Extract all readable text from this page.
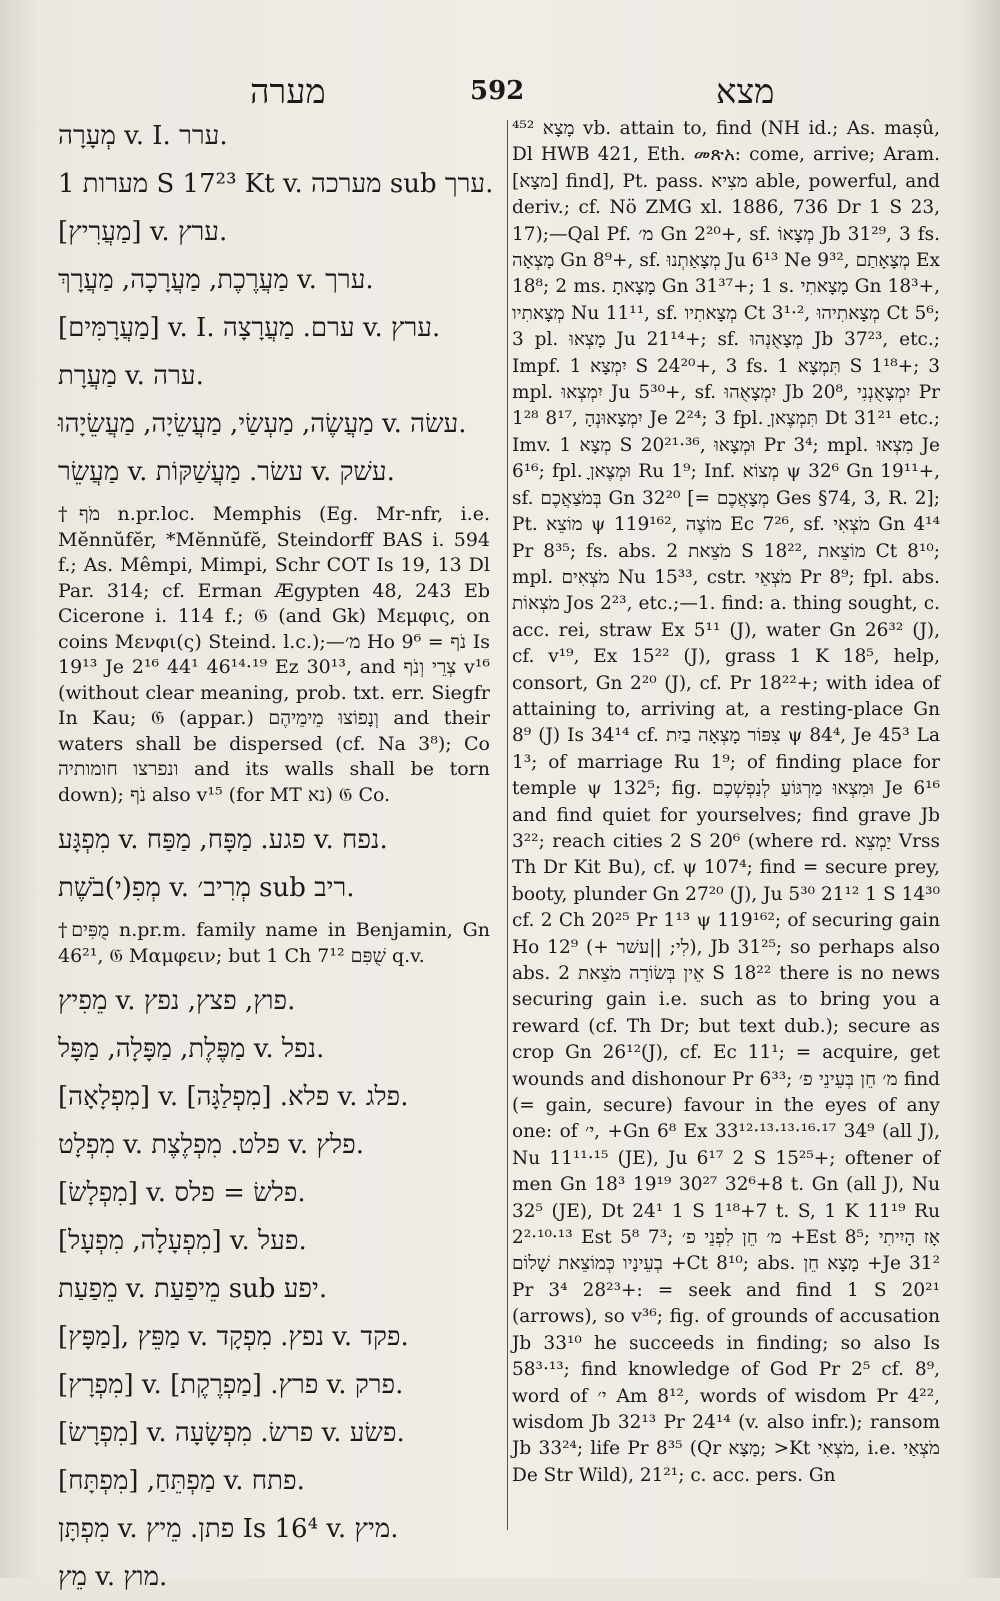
מערה	592	מצא

מְעָרָה v. I. ערר.

מערות 1 S 17²³ Kt v. מערכה sub ערך.

[מַעֲרִיץ] v. ערץ.

מַעֲרֶכֶת, מַעֲרָכָה, מַעֲרָךְ v. ערך.

[מַעֲרָמִּים] v. I. ערם. מַעֲרָצָה v. ערץ.

מַעֲרָת v. ערה.

מַעֲשֶׂה, מַעְשַׂי, מַעֲשֵׂיָה, מַעֲשֵׂיָהוּ v. עשׂה.

מַעֲשֵׂר v. עשׂר. מַעֲשַׁקּוֹת v. עשׁק.

†מֹף n.pr.loc. Memphis (Eg. Mr-nfr, i.e. Mĕnnŭfĕr, *Mĕnnŭfĕ, Steindorff BAS i. 594 f.; As. Mêmpi, Mimpi, Schr COT Is 19, 13 Dl Par. 314; cf. Erman Ægypten 48, 243 Eb Cicerone i. 114 f.; 𝔊 (and Gk) Μεμφις, on coins Μενφι(ς) Steind. l.c.);—מ׳ Ho 9⁶ = נֹף Is 19¹³ Je 2¹⁶ 44¹ 46¹⁴·¹⁹ Ez 30¹³, and צְרֵי וְנֹף v¹⁶ (without clear meaning, prob. txt. err. Siegfr In Kau; 𝔊 (appar.) וְנָפוֹצוּ מֵימֵיהֶם and their waters shall be dispersed (cf. Na 3⁸); Co ונפרצו חומותיה and its walls shall be torn down); נֹף also v¹⁵ (for MT נא) 𝔊 Co.

מִפְגָּע v. פגע. מַפָּח, מַפַּח v. נפח.

מְפִ(י)בֹשֶׁת v. מְרִיב׳ sub ריב.

†מֻפִּים n.pr.m. family name in Benjamin, Gn 46²¹, 𝔊 Μαμφειν; but 1 Ch 7¹² שֻׁפִּם q.v.

מֵפִיץ v. פוץ, פצץ, נפץ.

מַפֶּלֶת, מַפָּלָה, מַפָּל v. נפל.

[מִפְלָאָה] v. פלא. [מִפְלַגָּה] v. פלג.

מִפְלָט v. פלט. מִפְלֶצֶת v. פלץ.

[מִפְלָשׂ] v. פלשׂ = פלס.

[מִפְעָלָה, מִפְעָל] v. פעל.

מֵפַעַת v. מֵיפַעַת sub יפע.

[מַפָּץ], מַפֵּץ v. נפץ. מִפְקָד v. פקד.

[מִפְרָץ] v. פרץ. [מַפְרֶקֶת] v. פרק.

[מִפְרָשׂ] v. פרשׂ. מִפְשָׂעָה v. פשׂע.

מַפְתֵּחַ, [מִפְתָּח] v. פתח.

מִפְתָּן v. פתן. מֵיץ Is 16⁴ v. מיץ.

מֵץ v. מוץ.

מָצָא ⁴⁵² vb. attain to, find (NH id.; As. maṣû, Dl HWB 421, Eth. መጽአ: come, arrive; Aram. [מצָא] find], Pt. pass. מצִיא able, powerful, and deriv.; cf. Nö ZMG xl. 1886, 736 Dr 1 S 23, 17);—Qal Pf. מ׳ Gn 2²⁰+, sf. מְצָאוֹ Jb 31²⁹, 3 fs. מָצְאָה Gn 8⁹+, sf. מְצָאַתְנוּ Ju 6¹³ Ne 9³², מְצָאָתַם Ex 18⁸; 2 ms. מָצָאתָ Gn 31³⁷+; 1 s. מָצָאתִי Gn 18³+, מְצָאתִיו Nu 11¹¹, sf. מְצָאתִיו Ct 3¹·², מְצָאתִיהוּ Ct 5⁶; 3 pl. מָצְאוּ Ju 21¹⁴+; sf. מְצָאֻנְהוּ Jb 37²³, etc.; Impf. יִמְצָא 1 S 24²⁰+, 3 fs. תִּמְצָא 1 S 1¹⁸+; 3 mpl. יִמְצְאוּ Ju 5³⁰+, sf. יִמְצָאֻהוּ Jb 20⁸, יִמְצָאֻנְנִי Pr 1²⁸ 8¹⁷, יִמְצָאוּנְהָ Je 2²⁴; 3 fpl. תִּמְצֶאןָ Dt 31²¹ etc.; Imv. מְצָא 1 S 20²¹·³⁶, וּמְצָאוּ Pr 3⁴; mpl. מִצְאוּ Je 6¹⁶; fpl. וּמְצֶאןָ Ru 1⁹; Inf. מְצוֹא ψ 32⁶ Gn 19¹¹+, sf. בְּמֹצַאֲכֶם Gn 32²⁰ [= מְצָאֲכֶם Ges §74, 3, R. 2]; Pt. מוֹצֵא ψ 119¹⁶², מוֹצֶה Ec 7²⁶, sf. מֹצְאִי Gn 4¹⁴ Pr 8³⁵; fs. abs. מֹצֵאת 2 S 18²², מוֹצֵאת Ct 8¹⁰; mpl. מֹצְאִים Nu 15³³, cstr. מֹצְאֵי Pr 8⁹; fpl. abs. מֹצְאוֹת Jos 2²³, etc.;—1. find: a. thing sought, c. acc. rei, straw Ex 5¹¹ (J), water Gn 26³² (J), cf. v¹⁹, Ex 15²² (J), grass 1 K 18⁵, help, consort, Gn 2²⁰ (J), cf. Pr 18²²+; with idea of attaining to, arriving at, a resting-place Gn 8⁹ (J) Is 34¹⁴ cf. צִפּוֹר מָצְאָה בַיִת ψ 84⁴, Je 45³ La 1³; of marriage Ru 1⁹; of finding place for temple ψ 132⁵; fig. וּמִצְאוּ מַרְגּוֹעַ לְנַפְשְׁכֶם Je 6¹⁶ and find quiet for yourselves; find grave Jb 3²²; reach cities 2 S 20⁶ (where rd. יַמְצֵא Vrss Th Dr Kit Bu), cf. ψ 107⁴; find = secure prey, booty, plunder Gn 27²⁰ (J), Ju 5³⁰ 21¹² 1 S 14³⁰ cf. 2 Ch 20²⁵ Pr 1¹³ ψ 119¹⁶²; of securing gain Ho 12⁹ (+ לִי; ||עשׁר), Jb 31²⁵; so perhaps also abs. אֵין בְּשׂוֹרָה מֹצֵאת 2 S 18²² there is no news securing gain i.e. such as to bring you a reward (cf. Th Dr; but text dub.); secure as crop Gn 26¹²(J), cf. Ec 11¹; = acquire, get wounds and dishonour Pr 6³³; מ׳ חֵן בְּעֵינֵי פ׳ find (= gain, secure) favour in the eyes of any one: of י׳, +Gn 6⁸ Ex 33¹²·¹³·¹³·¹⁶·¹⁷ 34⁹ (all J), Nu 11¹¹·¹⁵ (JE), Ju 6¹⁷ 2 S 15²⁵+; oftener of men Gn 18³ 19¹⁹ 30²⁷ 32⁶+8 t. Gn (all J), Nu 32⁵ (JE), Dt 24¹ 1 S 1¹⁸+7 t. S, 1 K 11¹⁹ Ru 2²·¹⁰·¹³ Est 5⁸ 7³; מ׳ חֵן לִפְנֵי פ׳ +Est 8⁵; אָז הָיִיתִי בְעֵינָיו כְּמוֹצֵאת שָׁלוֹם +Ct 8¹⁰; abs. מָצָא חֵן +Je 31² Pr 3⁴ 28²³+: = seek and find 1 S 20²¹ (arrows), so v³⁶; fig. of grounds of accusation Jb 33¹⁰ he succeeds in finding; so also Is 58³·¹³; find knowledge of God Pr 2⁵ cf. 8⁹, word of י׳ Am 8¹², words of wisdom Pr 4²², wisdom Jb 32¹³ Pr 24¹⁴ (v. also infr.); ransom Jb 33²⁴; life Pr 8³⁵ (Qr מָצָא; >Kt מֹצְאִי, i.e. מֹצְאַי De Str Wild), 21²¹; c. acc. pers. Gn
